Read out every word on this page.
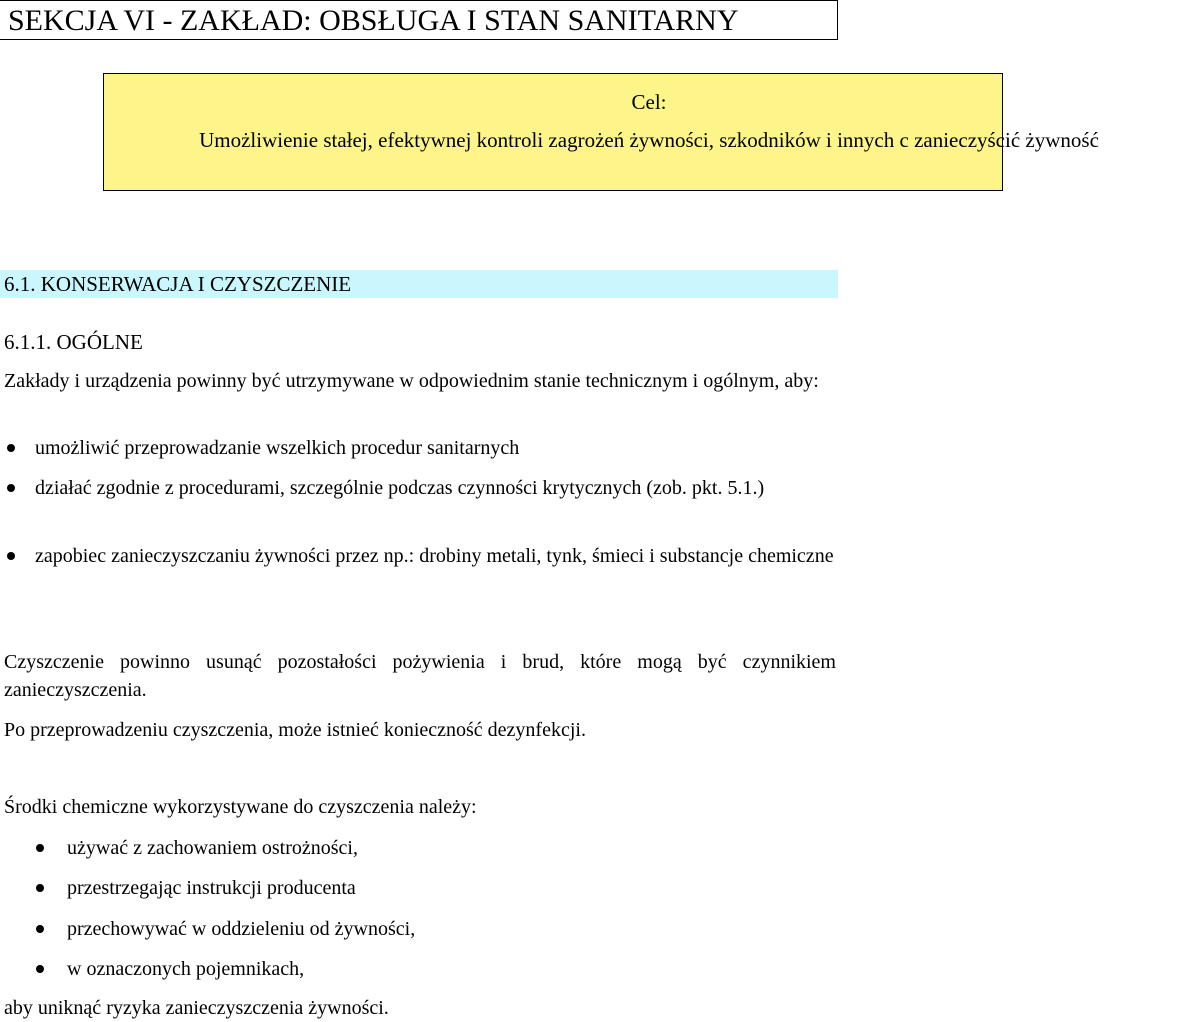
SEKCJA VI - ZAKŁAD: OBSŁUGA I STAN SANITARNY
Cel:
Umożliwienie stałej, efektywnej kontroli zagrożeń żywności, szkodników i innych c zanieczyścić żywność
6.1. KONSERWACJA I CZYSZCZENIE
6.1.1. OGÓLNE
Zakłady i urządzenia powinny być utrzymywane w odpowiednim stanie technicznym i ogólnym, aby:
umożliwić przeprowadzanie wszelkich procedur sanitarnych
działać zgodnie z procedurami, szczególnie podczas czynności krytycznych (zob. pkt. 5.1.)
zapobiec zanieczyszczaniu żywności przez np.: drobiny metali, tynk, śmieci i substancje chemiczne
Czyszczenie powinno usunąć pozostałości pożywienia i brud, które mogą być czynnikiem zanieczyszczenia.
Po przeprowadzeniu czyszczenia, może istnieć konieczność dezynfekcji.
Środki chemiczne wykorzystywane do czyszczenia należy:
używać z zachowaniem ostrożności,
przestrzegając instrukcji producenta
przechowywać w oddzieleniu od żywności,
w oznaczonych pojemnikach,
aby uniknąć ryzyka zanieczyszczenia żywności.
